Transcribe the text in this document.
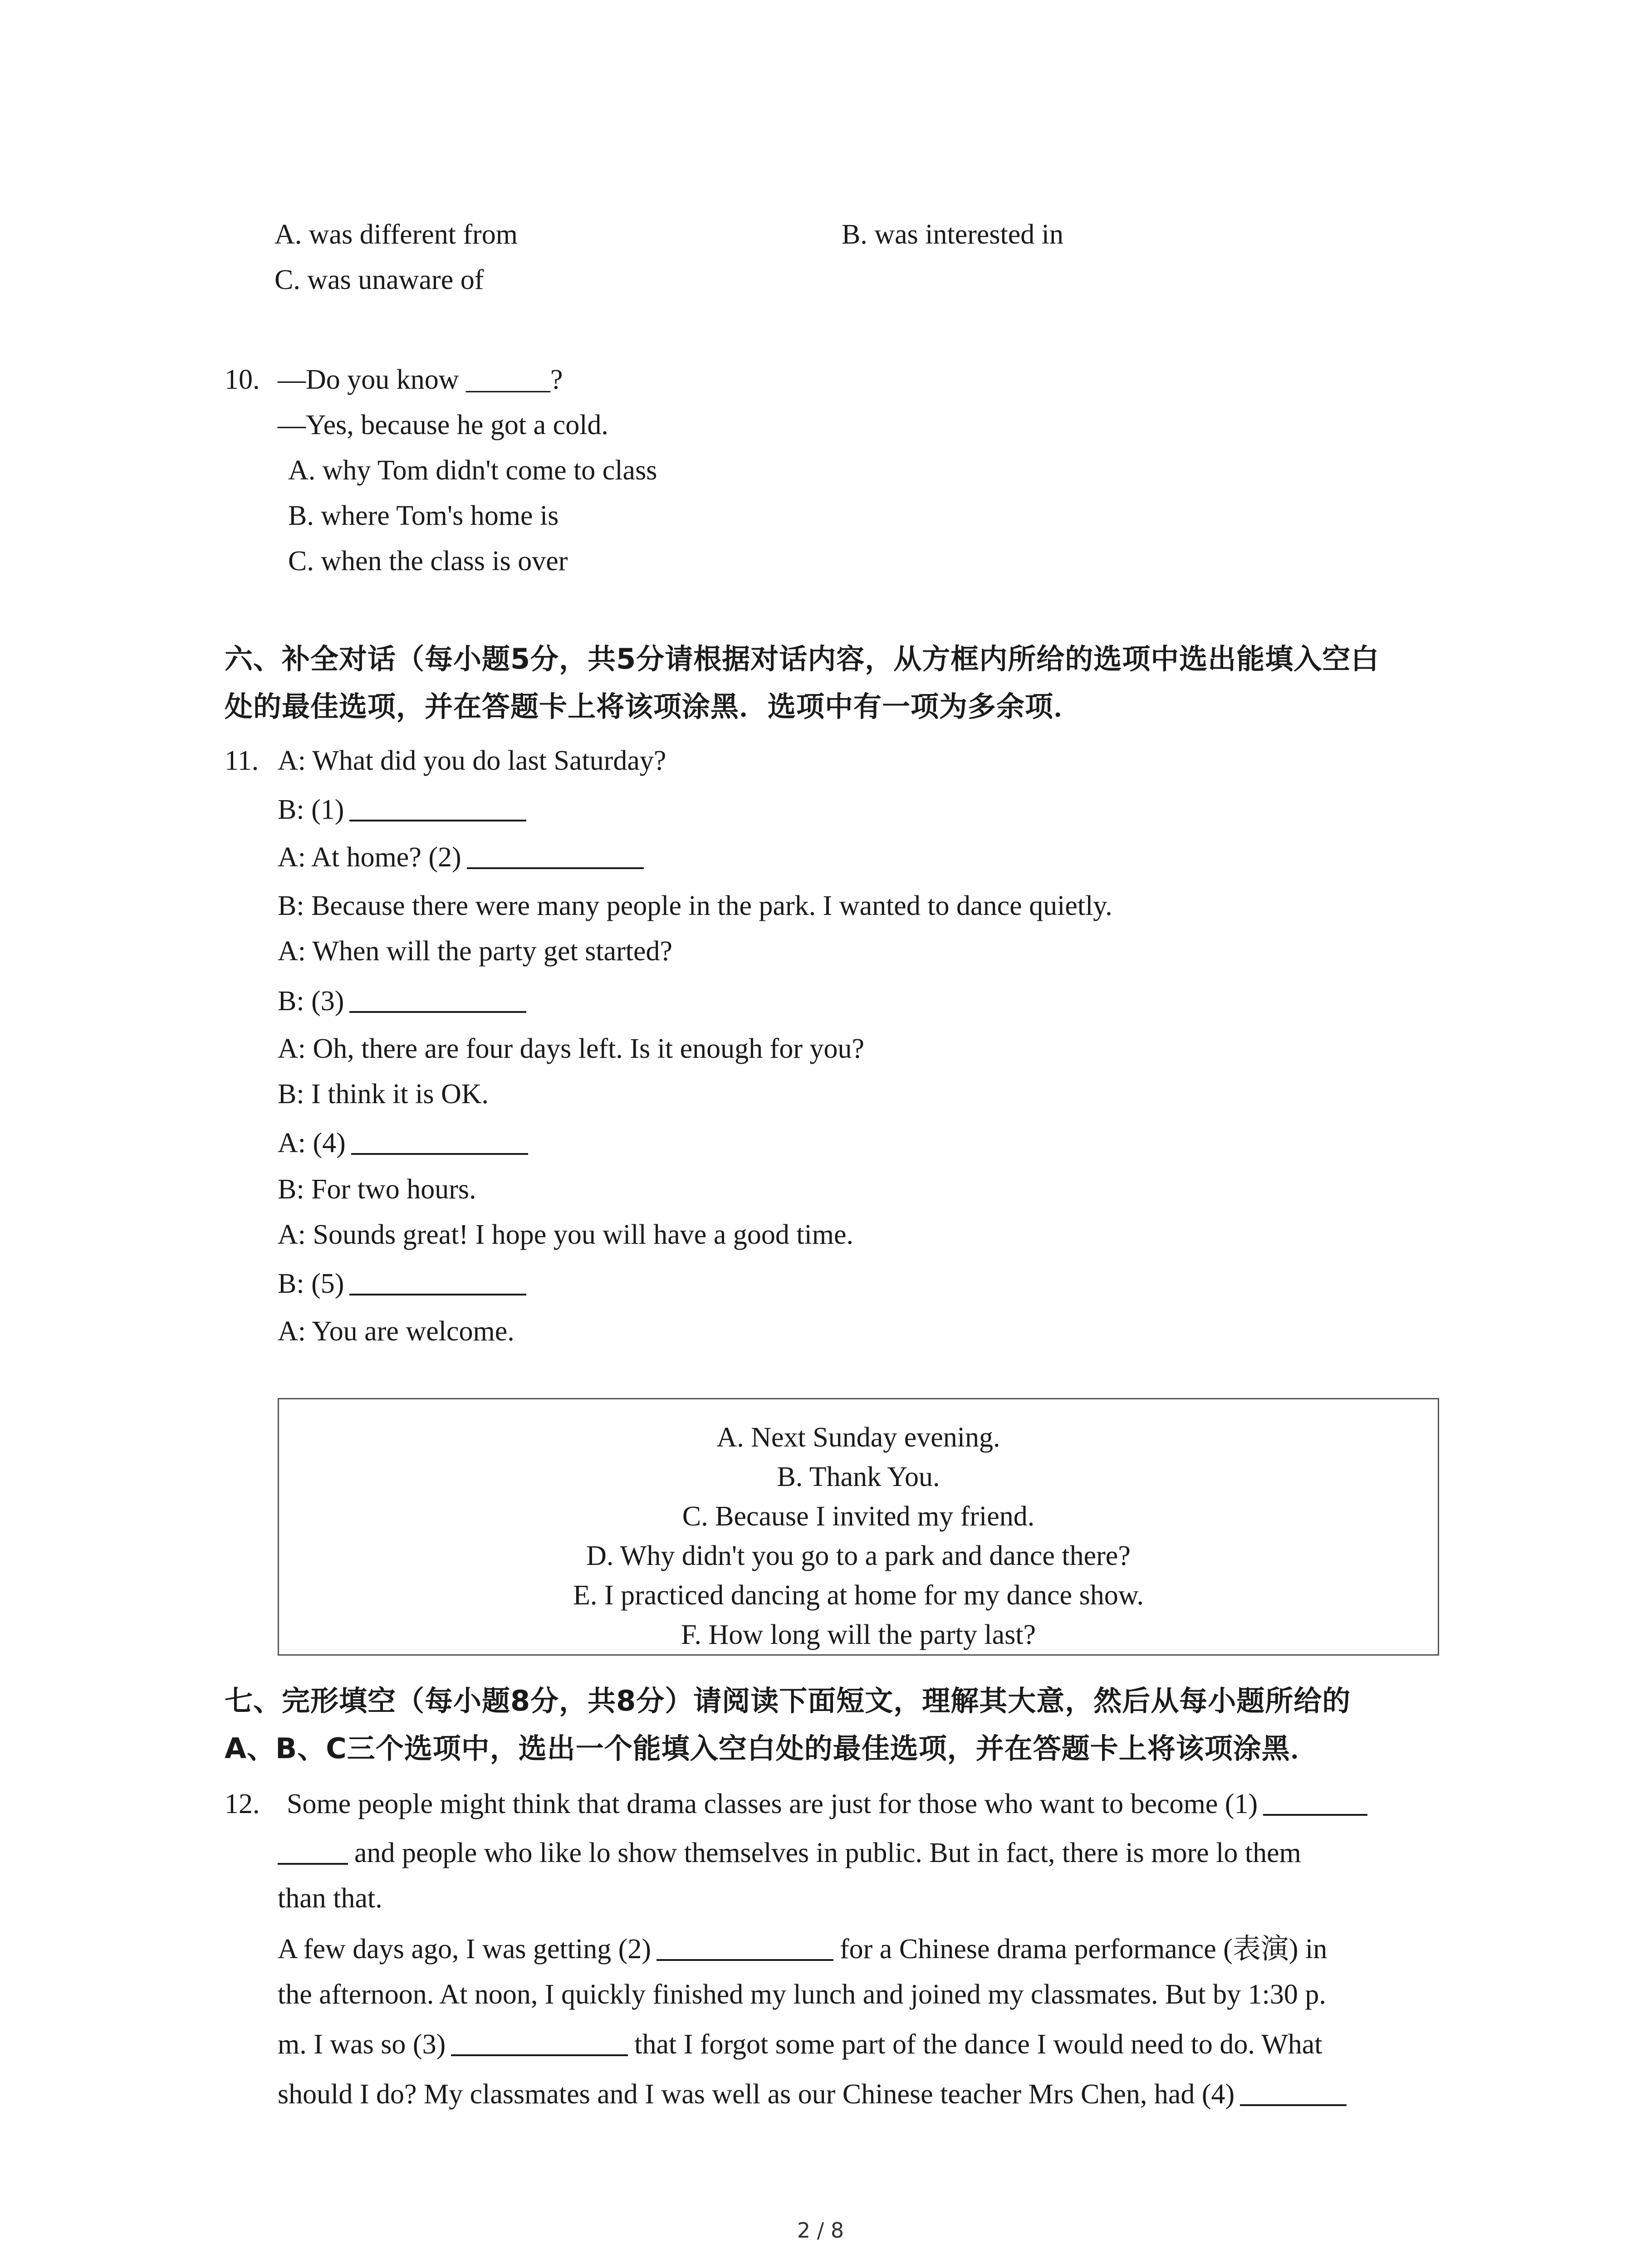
A. was different from	B. was interested in
C. was unaware of
10. —Do you know ______?
—Yes, because he got a cold.
A. why Tom didn't come to class
B. where Tom's home is
C. when the class is over
六、补全对话（每小题5分，共5分请根据对话内容，从方框内所给的选项中选出能填入空白
处的最佳选项，并在答题卡上将该项涂黑．选项中有一项为多余项．
11. A: What did you do last Saturday?
B: (1)
A: At home? (2)
B: Because there were many people in the park. I wanted to dance quietly.
A: When will the party get started?
B: (3)
A: Oh, there are four days left. Is it enough for you?
B: I think it is OK.
A: (4)
B: For two hours.
A: Sounds great! I hope you will have a good time.
B: (5)
A: You are welcome.
A. Next Sunday evening.
B. Thank You.
C. Because I invited my friend.
D. Why didn't you go to a park and dance there?
E. I practiced dancing at home for my dance show.
F. How long will the party last?
七、完形填空（每小题8分，共8分）请阅读下面短文，理解其大意，然后从每小题所给的
A、B、C三个选项中，选出一个能填入空白处的最佳选项，并在答题卡上将该项涂黑．
12. Some people might think that drama classes are just for those who want to become (1)
and people who like lo show themselves in public. But in fact, there is more lo them
than that.
A few days ago, I was getting (2)	for a Chinese drama performance (表演) in
the afternoon. At noon, I quickly finished my lunch and joined my classmates. But by 1:30 p.
m. I was so (3)	that I forgot some part of the dance I would need to do. What
should I do? My classmates and I was well as our Chinese teacher Mrs Chen, had (4)
2 / 8
